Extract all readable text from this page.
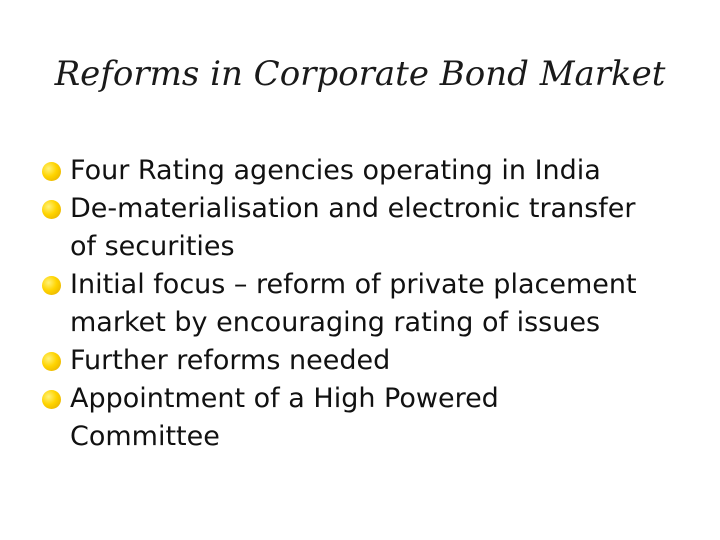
Reforms in Corporate Bond Market
Four Rating agencies operating in India
De-materialisation and electronic transfer
of securities
Initial focus – reform of private placement
market by encouraging rating of issues
Further reforms needed
Appointment of a High Powered
Committee
